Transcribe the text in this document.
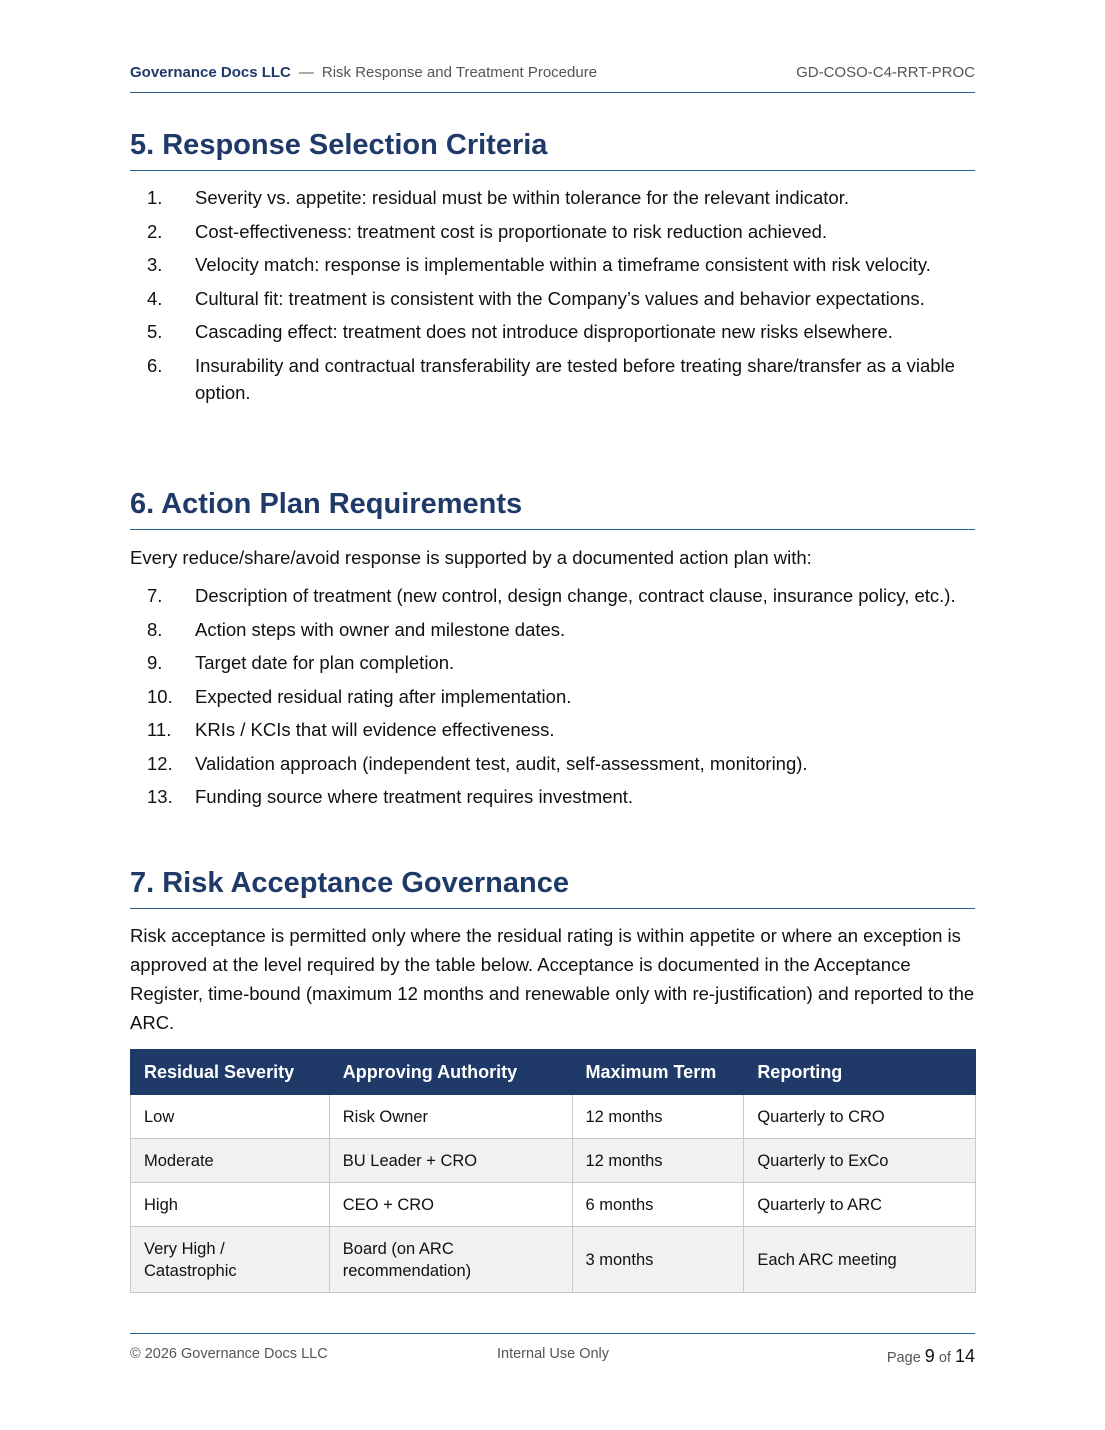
Governance Docs LLC — Risk Response and Treatment Procedure	GD-COSO-C4-RRT-PROC
5. Response Selection Criteria
1.	Severity vs. appetite: residual must be within tolerance for the relevant indicator.
2.	Cost-effectiveness: treatment cost is proportionate to risk reduction achieved.
3.	Velocity match: response is implementable within a timeframe consistent with risk velocity.
4.	Cultural fit: treatment is consistent with the Company’s values and behavior expectations.
5.	Cascading effect: treatment does not introduce disproportionate new risks elsewhere.
6.	Insurability and contractual transferability are tested before treating share/transfer as a viable option.
6. Action Plan Requirements

Every reduce/share/avoid response is supported by a documented action plan with:

7.	Description of treatment (new control, design change, contract clause, insurance policy, etc.).
8.	Action steps with owner and milestone dates.
9.	Target date for plan completion.
10.	Expected residual rating after implementation.
11.	KRIs / KCIs that will evidence effectiveness.
12.	Validation approach (independent test, audit, self-assessment, monitoring).
13.	Funding source where treatment requires investment.
7. Risk Acceptance Governance

Risk acceptance is permitted only where the residual rating is within appetite or where an exception is approved at the level required by the table below. Acceptance is documented in the Acceptance Register, time-bound (maximum 12 months and renewable only with re-justification) and reported to the ARC.

Residual Severity	Approving Authority	Maximum Term	Reporting
Low	Risk Owner	12 months	Quarterly to CRO
Moderate	BU Leader + CRO	12 months	Quarterly to ExCo
High	CEO + CRO	6 months	Quarterly to ARC
Very High / Catastrophic	Board (on ARC recommendation)	3 months	Each ARC meeting
© 2026 Governance Docs LLC	Internal Use Only	Page 9 of 14
